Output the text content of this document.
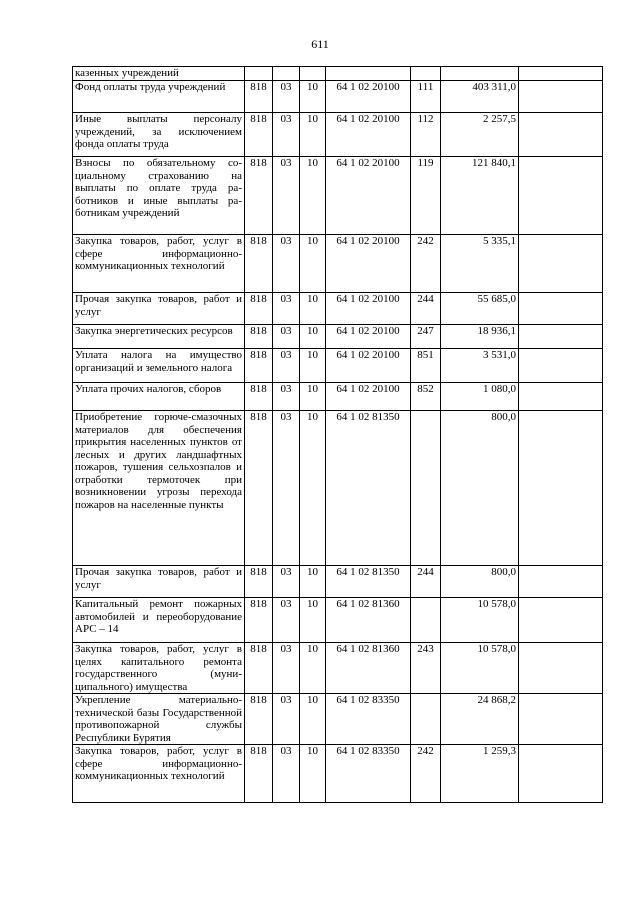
611
казенных учреждений							
Фонд оплаты труда учреждений	818	03	10	64 1 02 20100	111	403 311,0	
Иные выплаты персоналу учреждений, за исключением фонда оплаты труда	818	03	10	64 1 02 20100	112	2 257,5	
Взносы по обязательному социальному страхованию на выплаты по оплате труда работников и иные выплаты работникам учреждений	818	03	10	64 1 02 20100	119	121 840,1	
Закупка товаров, работ, услуг в сфере информационно-коммуникационных технологий	818	03	10	64 1 02 20100	242	5 335,1	
Прочая закупка товаров, работ и услуг	818	03	10	64 1 02 20100	244	55 685,0	
Закупка энергетических ресурсов	818	03	10	64 1 02 20100	247	18 936,1	
Уплата налога на имущество организаций и земельного налога	818	03	10	64 1 02 20100	851	3 531,0	
Уплата прочих налогов, сборов	818	03	10	64 1 02 20100	852	1 080,0	
Приобретение горюче-смазочных материалов для обеспечения прикрытия населенных пунктов от лесных и других ландшафтных пожаров, тушения сельхозпалов и отработки термоточек при возникновении угрозы перехода пожаров на населенные пункты	818	03	10	64 1 02 81350		800,0	
Прочая закупка товаров, работ и услуг	818	03	10	64 1 02 81350	244	800,0	
Капитальный ремонт пожарных автомобилей и переоборудование АРС – 14	818	03	10	64 1 02 81360		10 578,0	
Закупка товаров, работ, услуг в целях капитального ремонта государственного (муниципального) имущества	818	03	10	64 1 02 81360	243	10 578,0	
Укрепление материально-технической базы Государственной противопожарной службы Республики Бурятия	818	03	10	64 1 02 83350		24 868,2	
Закупка товаров, работ, услуг в сфере информационно-коммуникационных технологий	818	03	10	64 1 02 83350	242	1 259,3	
